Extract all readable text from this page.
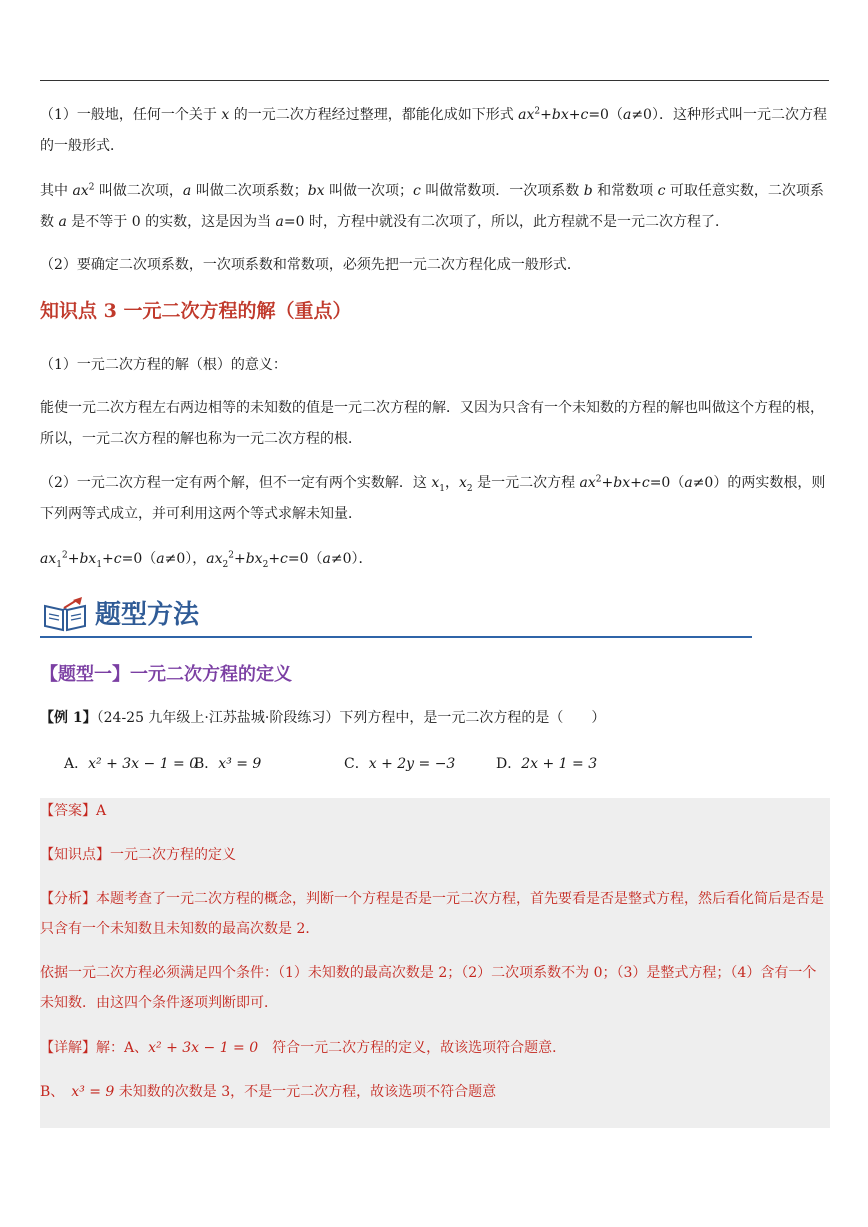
（1）一般地，任何一个关于 x 的一元二次方程经过整理，都能化成如下形式 $ax^2+bx+c=0(a\ne 0)$．这种形式叫一元二次方程的一般形式．

其中 $ax^2$ 叫做二次项，a 叫做二次项系数；bx 叫做一次项；c 叫做常数项．一次项系数 b 和常数项 c 可取任意实数，二次项系数 a 是不等于 0 的实数，这是因为当 a=0 时，方程中就没有二次项了，所以，此方程就不是一元二次方程了．

（2）要确定二次项系数，一次项系数和常数项，必须先把一元二次方程化成一般形式．

知识点 3 一元二次方程的解（重点）

（1）一元二次方程的解（根）的意义：

能使一元二次方程左右两边相等的未知数的值是一元二次方程的解．又因为只含有一个未知数的方程的解也叫做这个方程的根，所以，一元二次方程的解也称为一元二次方程的根．

（2）一元二次方程一定有两个解，但不一定有两个实数解．这 $x_1$，$x_2$ 是一元二次方程 $ax^2+bx+c=0(a\ne 0)$的两实数根，则下列两等式成立，并可利用这两个等式求解未知量．

$ax_1^2+bx_1+c=0(a\ne 0)$，$ax_2^2+bx_2+c=0(a\ne 0)$．

题型方法
【题型一】一元二次方程的定义
【例 1】（24-25 九年级上·江苏盐城·阶段练习）下列方程中，是一元二次方程的是（　　）
A．x² + 3x − 1 = 0
B．x³ = 9	C．x + 2y = −3	D．2x + 1 = 3

【答案】A

【知识点】一元二次方程的定义

【分析】本题考查了一元二次方程的概念，判断一个方程是否是一元二次方程，首先要看是否是整式方程，然后看化简后是否是只含有一个未知数且未知数的最高次数是 2．

依据一元二次方程必须满足四个条件：（1）未知数的最高次数是 2；（2）二次项系数不为 0；（3）是整式方程；（4）含有一个未知数．由这四个条件逐项判断即可．

【详解】解：A、x² + 3x − 1 = 0　符合一元二次方程的定义，故该选项符合题意．

B、　x³ = 9 未知数的次数是 3，不是一元二次方程，故该选项不符合题意
